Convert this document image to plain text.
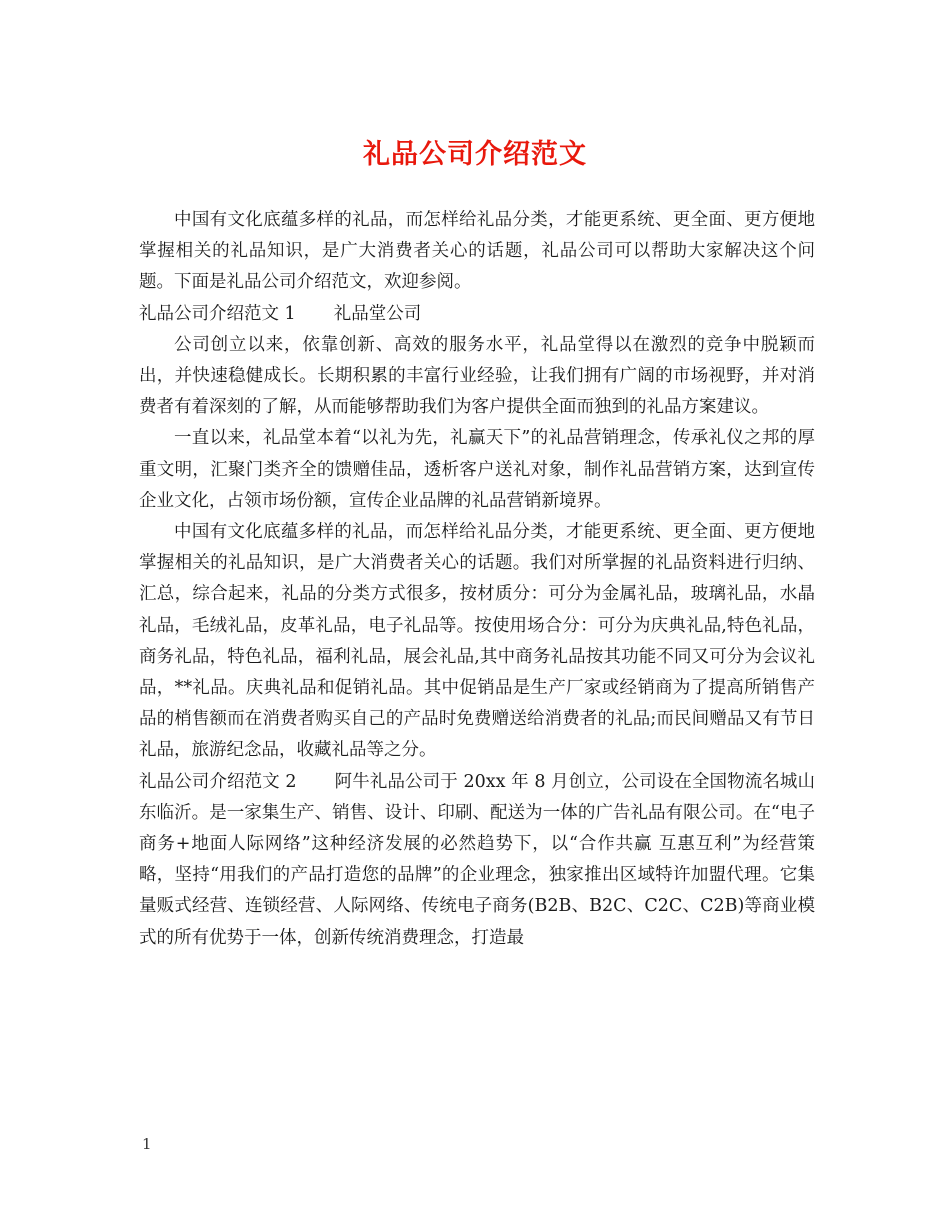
礼品公司介绍范文

中国有文化底蕴多样的礼品，而怎样给礼品分类，才能更系统、更全面、更方便地掌握相关的礼品知识，是广大消费者关心的话题，礼品公司可以帮助大家解决这个问题。下面是礼品公司介绍范文，欢迎参阅。

礼品公司介绍范文 1 礼品堂公司

公司创立以来，依靠创新、高效的服务水平，礼品堂得以在激烈的竞争中脱颖而出，并快速稳健成长。长期积累的丰富行业经验，让我们拥有广阔的市场视野，并对消费者有着深刻的了解，从而能够帮助我们为客户提供全面而独到的礼品方案建议。

一直以来，礼品堂本着“以礼为先，礼赢天下”的礼品营销理念，传承礼仪之邦的厚重文明，汇聚门类齐全的馈赠佳品，透析客户送礼对象，制作礼品营销方案，达到宣传企业文化，占领市场份额，宣传企业品牌的礼品营销新境界。

中国有文化底蕴多样的礼品，而怎样给礼品分类，才能更系统、更全面、更方便地掌握相关的礼品知识，是广大消费者关心的话题。我们对所掌握的礼品资料进行归纳、汇总，综合起来，礼品的分类方式很多，按材质分：可分为金属礼品，玻璃礼品，水晶礼品，毛绒礼品，皮革礼品，电子礼品等。按使用场合分：可分为庆典礼品,特色礼品，商务礼品，特色礼品，福利礼品，展会礼品,其中商务礼品按其功能不同又可分为会议礼品，**礼品。庆典礼品和促销礼品。其中促销品是生产厂家或经销商为了提高所销售产品的梢售额而在消费者购买自己的产品时免费赠送给消费者的礼品;而民间赠品又有节日礼品，旅游纪念品，收藏礼品等之分。

礼品公司介绍范文 2 阿牛礼品公司于 20xx 年 8 月创立，公司设在全国物流名城山东临沂。是一家集生产、销售、设计、印刷、配送为一体的广告礼品有限公司。在“电子商务+地面人际网络”这种经济发展的必然趋势下，以“合作共赢 互惠互利”为经营策略，坚持“用我们的产品打造您的品牌”的企业理念，独家推出区域特许加盟代理。它集量贩式经营、连锁经营、人际网络、传统电子商务(B2B、B2C、C2C、C2B)等商业模式的所有优势于一体，创新传统消费理念，打造最

1
